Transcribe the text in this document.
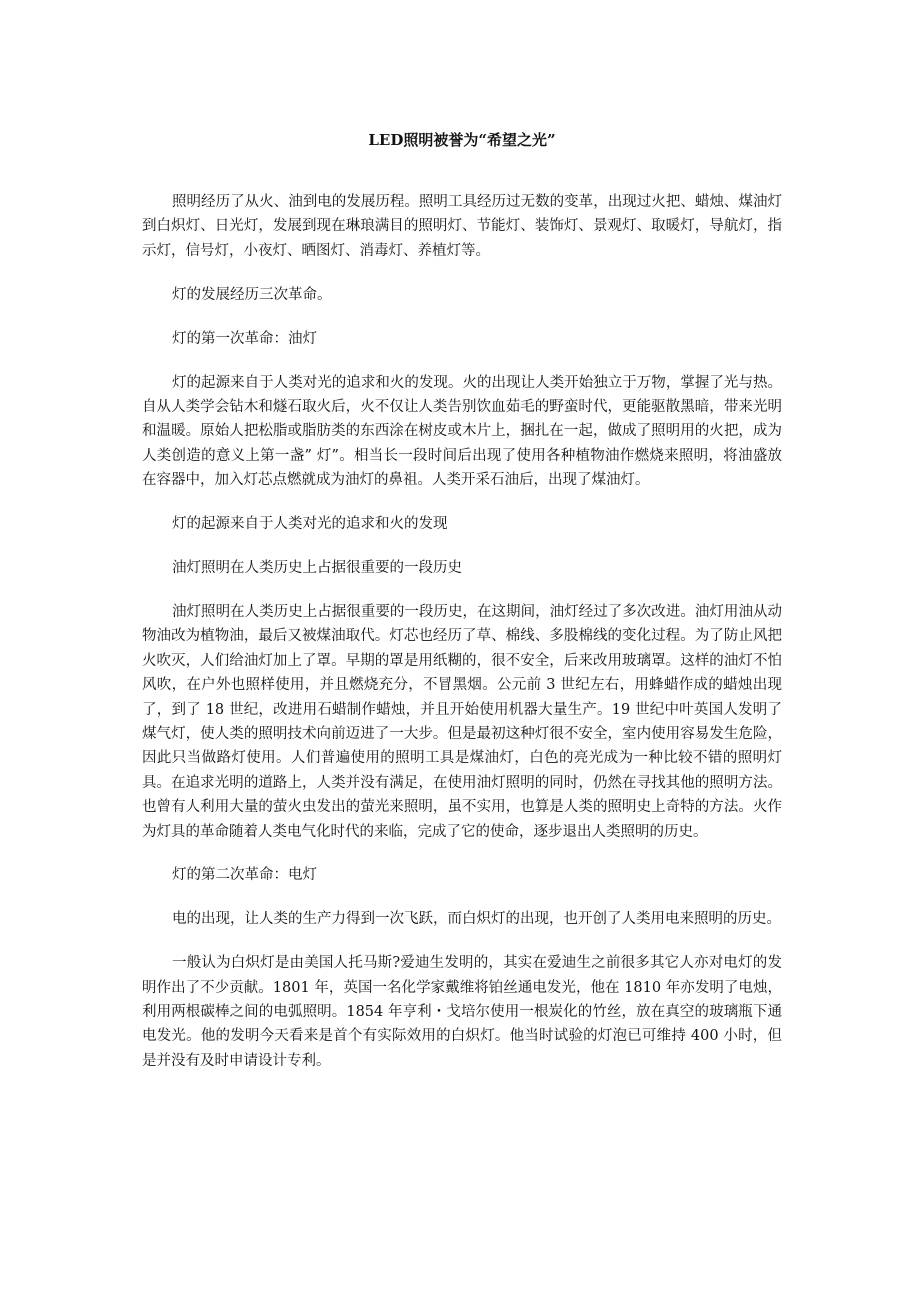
LED照明被誉为“希望之光”

照明经历了从火、油到电的发展历程。照明工具经历过无数的变革，出现过火把、蜡烛、煤油灯到白炽灯、日光灯，发展到现在琳琅满目的照明灯、节能灯、装饰灯、景观灯、取暖灯，导航灯，指示灯，信号灯，小夜灯、晒图灯、消毒灯、养植灯等。

灯的发展经历三次革命。

灯的第一次革命：油灯

灯的起源来自于人类对光的追求和火的发现。火的出现让人类开始独立于万物，掌握了光与热。自从人类学会钻木和燧石取火后，火不仅让人类告别饮血茹毛的野蛮时代，更能驱散黑暗，带来光明和温暖。原始人把松脂或脂肪类的东西涂在树皮或木片上，捆扎在一起，做成了照明用的火把，成为人类创造的意义上第一盏” 灯”。相当长一段时间后出现了使用各种植物油作燃烧来照明，将油盛放在容器中，加入灯芯点燃就成为油灯的鼻祖。人类开采石油后，出现了煤油灯。

灯的起源来自于人类对光的追求和火的发现

油灯照明在人类历史上占据很重要的一段历史

油灯照明在人类历史上占据很重要的一段历史，在这期间，油灯经过了多次改进。油灯用油从动物油改为植物油，最后又被煤油取代。灯芯也经历了草、棉线、多股棉线的变化过程。为了防止风把火吹灭，人们给油灯加上了罩。早期的罩是用纸糊的，很不安全，后来改用玻璃罩。这样的油灯不怕风吹，在户外也照样使用，并且燃烧充分，不冒黑烟。公元前 3 世纪左右，用蜂蜡作成的蜡烛出现了，到了 18 世纪，改进用石蜡制作蜡烛，并且开始使用机器大量生产。19 世纪中叶英国人发明了煤气灯，使人类的照明技术向前迈进了一大步。但是最初这种灯很不安全，室内使用容易发生危险，因此只当做路灯使用。人们普遍使用的照明工具是煤油灯，白色的亮光成为一种比较不错的照明灯具。在追求光明的道路上，人类并没有满足，在使用油灯照明的同时，仍然在寻找其他的照明方法。也曾有人利用大量的萤火虫发出的萤光来照明，虽不实用，也算是人类的照明史上奇特的方法。火作为灯具的革命随着人类电气化时代的来临，完成了它的使命，逐步退出人类照明的历史。

灯的第二次革命：电灯

电的出现，让人类的生产力得到一次飞跃，而白炽灯的出现，也开创了人类用电来照明的历史。

一般认为白炽灯是由美国人托马斯?爱迪生发明的，其实在爱迪生之前很多其它人亦对电灯的发明作出了不少贡献。1801 年，英国一名化学家戴维将铂丝通电发光，他在 1810 年亦发明了电烛，利用两根碳棒之间的电弧照明。1854 年亨利・戈培尔使用一根炭化的竹丝，放在真空的玻璃瓶下通电发光。他的发明今天看来是首个有实际效用的白炽灯。他当时试验的灯泡已可维持 400 小时，但是并没有及时申请设计专利。
